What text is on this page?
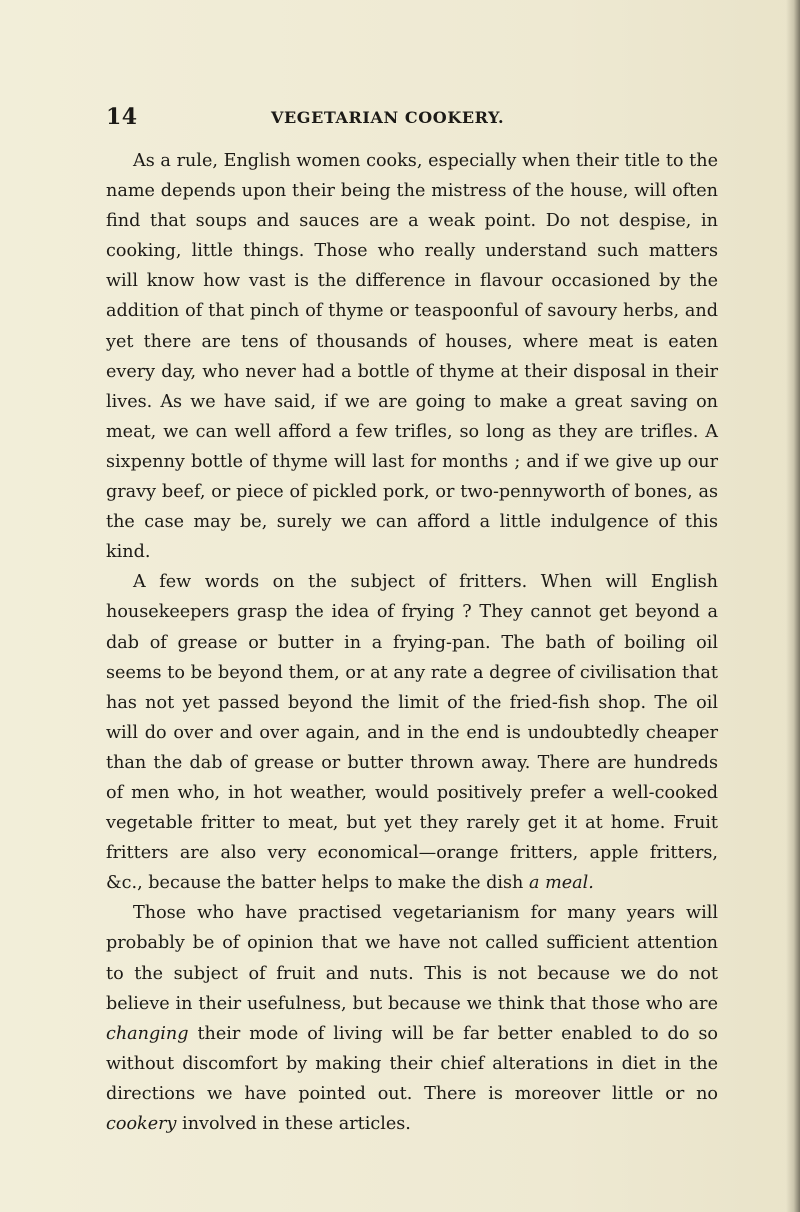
14	VEGETARIAN COOKERY.

As a rule, English women cooks, especially when their title to the name depends upon their being the mistress of the house, will often find that soups and sauces are a weak point. Do not despise, in cooking, little things. Those who really understand such matters will know how vast is the difference in flavour occasioned by the addition of that pinch of thyme or teaspoonful of savoury herbs, and yet there are tens of thousands of houses, where meat is eaten every day, who never had a bottle of thyme at their disposal in their lives. As we have said, if we are going to make a great saving on meat, we can well afford a few trifles, so long as they are trifles. A sixpenny bottle of thyme will last for months ; and if we give up our gravy beef, or piece of pickled pork, or two-pennyworth of bones, as the case may be, surely we can afford a little indulgence of this kind.

A few words on the subject of fritters. When will English housekeepers grasp the idea of frying ? They cannot get beyond a dab of grease or butter in a frying-pan. The bath of boiling oil seems to be beyond them, or at any rate a degree of civilisation that has not yet passed beyond the limit of the fried-fish shop. The oil will do over and over again, and in the end is undoubtedly cheaper than the dab of grease or butter thrown away. There are hundreds of men who, in hot weather, would positively prefer a well-cooked vegetable fritter to meat, but yet they rarely get it at home. Fruit fritters are also very economical—orange fritters, apple fritters, &c., because the batter helps to make the dish a meal.

Those who have practised vegetarianism for many years will probably be of opinion that we have not called sufficient attention to the subject of fruit and nuts. This is not because we do not believe in their usefulness, but because we think that those who are changing their mode of living will be far better enabled to do so without discomfort by making their chief alterations in diet in the directions we have pointed out. There is moreover little or no cookery involved in these articles.
